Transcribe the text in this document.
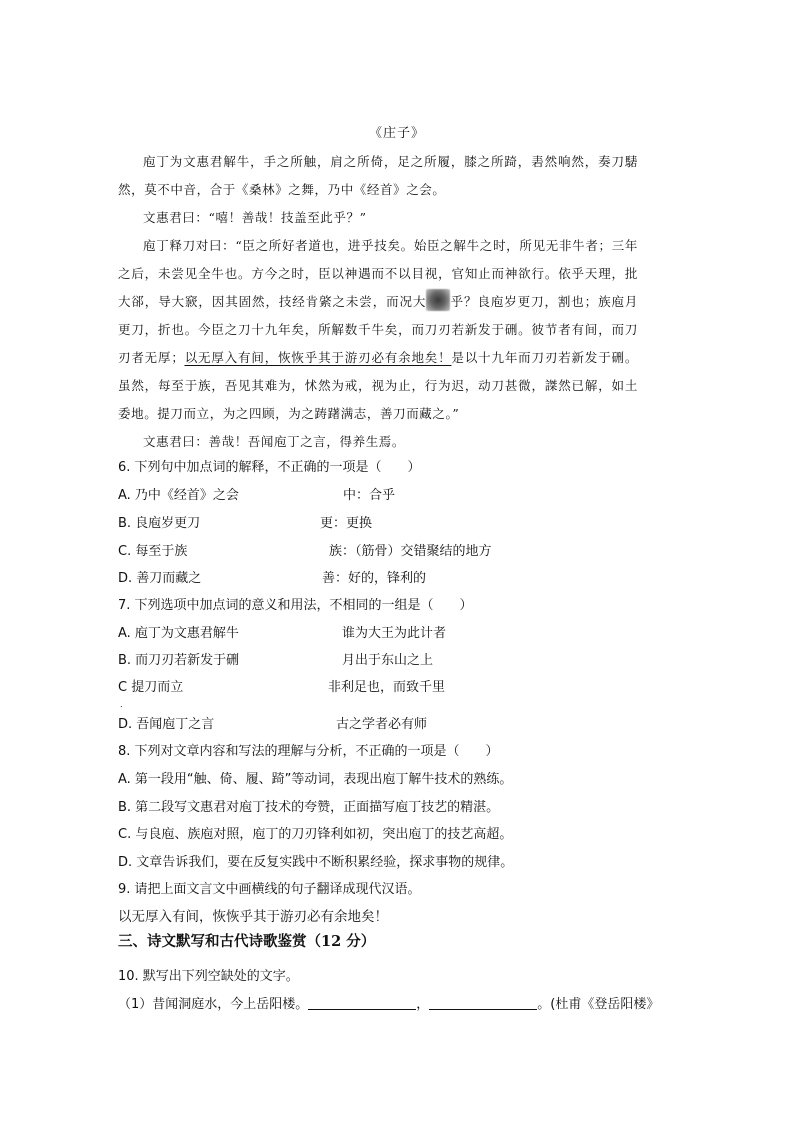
《庄子》

庖丁为文惠君解牛，手之所触，肩之所倚，足之所履，膝之所踦，砉然响然，奏刀騞然，莫不中音，合于《桑林》之舞，乃中《经首》之会。

文惠君曰：“嘻！善哉！技盖至此乎？”

庖丁释刀对曰：“臣之所好者道也，进乎技矣。始臣之解牛之时，所见无非牛者；三年之后，未尝见全牛也。方今之时，臣以神遇而不以目视，官知止而神欲行。依乎天理，批大郤，导大窾，因其固然，技经肯綮之未尝，而况大 乎？良庖岁更刀，割也；族庖月更刀，折也。今臣之刀十九年矣，所解数千牛矣，而刀刃若新发于硎。彼节者有间，而刀刃者无厚；以无厚入有间，恢恢乎其于游刃必有余地矣！是以十九年而刀刃若新发于硎。虽然，每至于族，吾见其难为，怵然为戒，视为止，行为迟，动刀甚微，謋然已解，如土委地。提刀而立，为之四顾，为之踌躇满志，善刀而藏之。”

文惠君曰：善哉！吾闻庖丁之言，得养生焉。

6. 下列句中加点词的解释，不正确的一项是（　　）
A. 乃中《经首》之会	中：合乎
B. 良庖岁更刀	更：更换
C. 每至于族	族：（筋骨）交错聚结的地方
D. 善刀而藏之	善：好的，锋利的
7. 下列选项中加点词的意义和用法，不相同的一组是（　　）
A. 庖丁为文惠君解牛	谁为大王为此计者
B. 而刀刃若新发于硎	月出于东山之上
C 提刀而立	非利足也，而致千里
.
D. 吾闻庖丁之言	古之学者必有师
8. 下列对文章内容和写法的理解与分析，不正确的一项是（　　）
A. 第一段用“触、倚、履、踦”等动词，表现出庖丁解牛技术的熟练。
B. 第二段写文惠君对庖丁技术的夸赞，正面描写庖丁技艺的精湛。
C. 与良庖、族庖对照，庖丁的刀刃锋利如初，突出庖丁的技艺高超。
D. 文章告诉我们，要在反复实践中不断积累经验，探求事物的规律。
9. 请把上面文言文中画横线的句子翻译成现代汉语。
以无厚入有间，恢恢乎其于游刃必有余地矣！
三、诗文默写和古代诗歌鉴赏（12 分）
10. 默写出下列空缺处的文字。
（1）昔闻洞庭水，今上岳阳楼。	，	。(杜甫《登岳阳楼》
